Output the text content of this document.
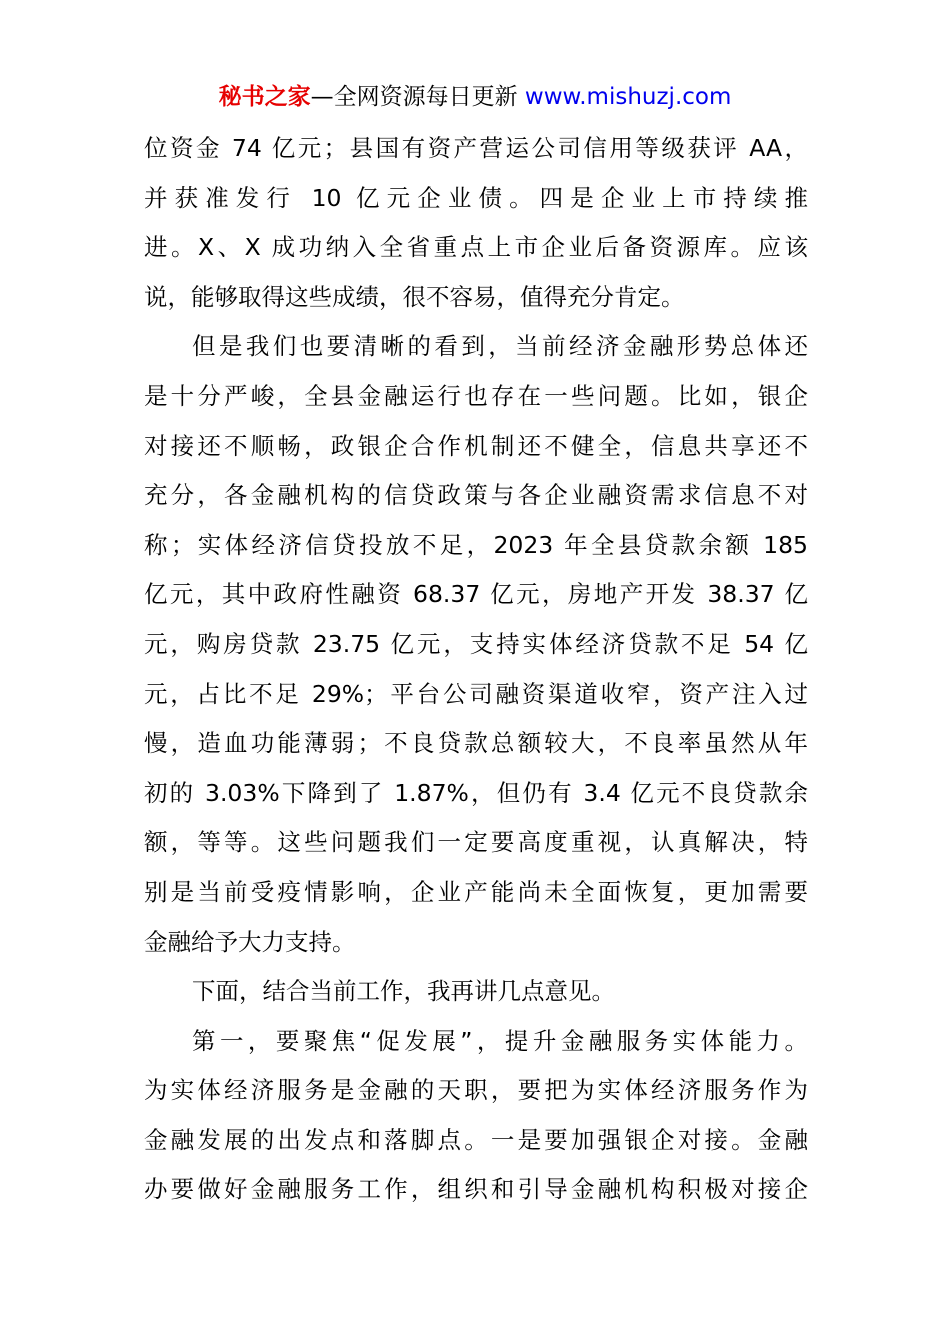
秘书之家—全网资源每日更新 www.mishuzj.com
位资金 74 亿元；县国有资产营运公司信用等级获评 AA，
并获准发行 10 亿元企业债。四是企业上市持续推
进。X、X 成功纳入全省重点上市企业后备资源库。应该
说，能够取得这些成绩，很不容易，值得充分肯定。
但是我们也要清晰的看到，当前经济金融形势总体还
是十分严峻，全县金融运行也存在一些问题。比如，银企
对接还不顺畅，政银企合作机制还不健全，信息共享还不
充分，各金融机构的信贷政策与各企业融资需求信息不对
称；实体经济信贷投放不足，2023 年全县贷款余额 185
亿元，其中政府性融资 68.37 亿元，房地产开发 38.37 亿
元，购房贷款 23.75 亿元，支持实体经济贷款不足 54 亿
元，占比不足 29%；平台公司融资渠道收窄，资产注入过
慢，造血功能薄弱；不良贷款总额较大，不良率虽然从年
初的 3.03%下降到了 1.87%，但仍有 3.4 亿元不良贷款余
额，等等。这些问题我们一定要高度重视，认真解决，特
别是当前受疫情影响，企业产能尚未全面恢复，更加需要
金融给予大力支持。
下面，结合当前工作，我再讲几点意见。
第一，要聚焦“促发展”，提升金融服务实体能力。
为实体经济服务是金融的天职，要把为实体经济服务作为
金融发展的出发点和落脚点。一是要加强银企对接。金融
办要做好金融服务工作，组织和引导金融机构积极对接企
